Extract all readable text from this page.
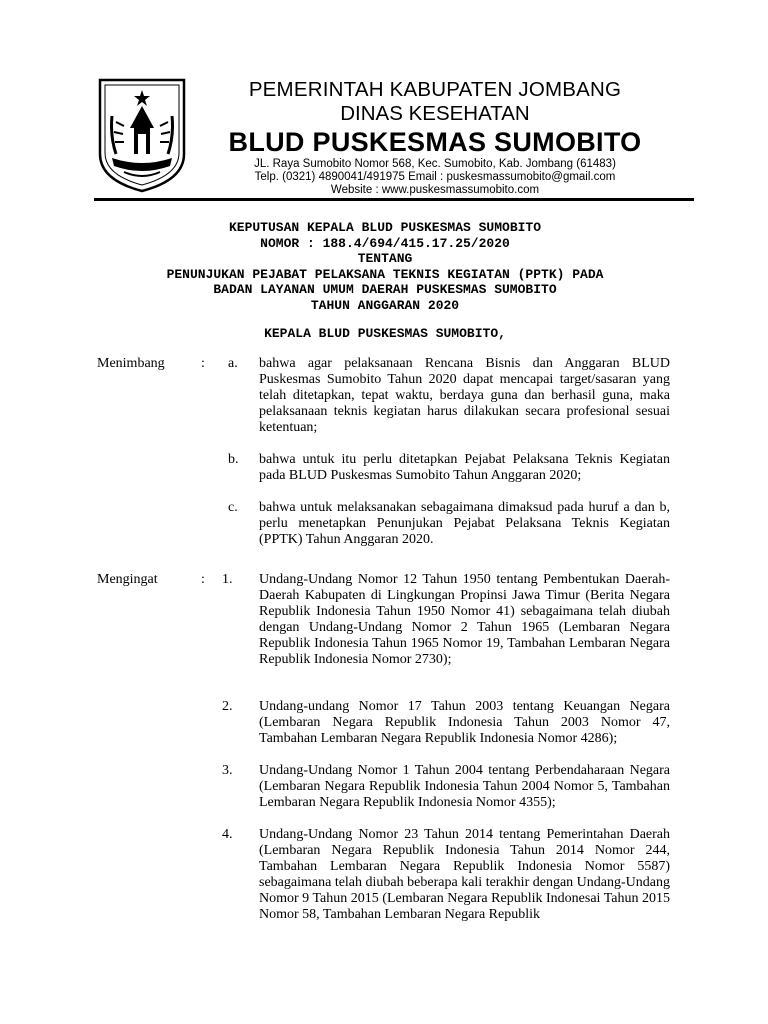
PEMERINTAH KABUPATEN JOMBANG
DINAS KESEHATAN
BLUD PUSKESMAS SUMOBITO
JL. Raya Sumobito Nomor 568, Kec. Sumobito, Kab. Jombang (61483)
Telp. (0321) 4890041/491975 Email : puskesmassumobito@gmail.com
Website : www.puskesmassumobito.com
KEPUTUSAN KEPALA BLUD PUSKESMAS SUMOBITO
NOMOR : 188.4/694/415.17.25/2020
TENTANG
PENUNJUKAN PEJABAT PELAKSANA TEKNIS KEGIATAN (PPTK) PADA
BADAN LAYANAN UMUM DAERAH PUSKESMAS SUMOBITO
TAHUN ANGGARAN 2020
KEPALA BLUD PUSKESMAS SUMOBITO,
Menimbang	: a. bahwa agar pelaksanaan Rencana Bisnis dan Anggaran BLUD Puskesmas Sumobito Tahun 2020 dapat mencapai target/sasaran yang telah ditetapkan, tepat waktu, berdaya guna dan berhasil guna, maka pelaksanaan teknis kegiatan harus dilakukan secara profesional sesuai ketentuan;

b. bahwa untuk itu perlu ditetapkan Pejabat Pelaksana Teknis Kegiatan pada BLUD Puskesmas Sumobito Tahun Anggaran 2020;

c. bahwa untuk melaksanakan sebagaimana dimaksud pada huruf a dan b, perlu menetapkan Penunjukan Pejabat Pelaksana Teknis Kegiatan (PPTK) Tahun Anggaran 2020.

Mengingat	: 1. Undang-Undang Nomor 12 Tahun 1950 tentang Pembentukan Daerah-Daerah Kabupaten di Lingkungan Propinsi Jawa Timur (Berita Negara Republik Indonesia Tahun 1950 Nomor 41) sebagaimana telah diubah dengan Undang-Undang Nomor 2 Tahun 1965 (Lembaran Negara Republik Indonesia Tahun 1965 Nomor 19, Tambahan Lembaran Negara Republik Indonesia Nomor 2730);

2. Undang-undang Nomor 17 Tahun 2003 tentang Keuangan Negara (Lembaran Negara Republik Indonesia Tahun 2003 Nomor 47, Tambahan Lembaran Negara Republik Indonesia Nomor 4286);

3. Undang-Undang Nomor 1 Tahun 2004 tentang Perbendaharaan Negara (Lembaran Negara Republik Indonesia Tahun 2004 Nomor 5, Tambahan Lembaran Negara Republik Indonesia Nomor 4355);

4. Undang-Undang Nomor 23 Tahun 2014 tentang Pemerintahan Daerah (Lembaran Negara Republik Indonesia Tahun 2014 Nomor 244, Tambahan Lembaran Negara Republik Indonesia Nomor 5587) sebagaimana telah diubah beberapa kali terakhir dengan Undang-Undang Nomor 9 Tahun 2015 (Lembaran Negara Republik Indonesai Tahun 2015 Nomor 58, Tambahan Lembaran Negara Republik
